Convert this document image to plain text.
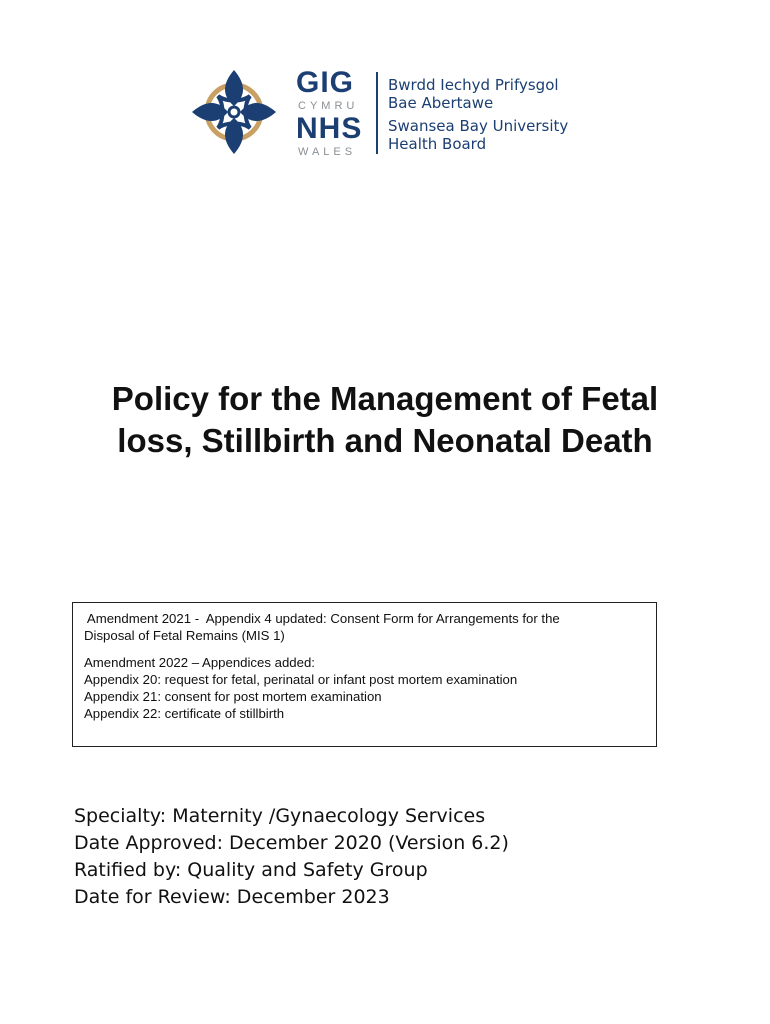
GIG
CYMRU
NHS
WALES
Bwrdd Iechyd Prifysgol
Bae Abertawe
Swansea Bay University
Health Board
Policy for the Management of Fetal
loss, Stillbirth and Neonatal Death

Amendment 2021 -  Appendix 4 updated: Consent Form for Arrangements for the

Disposal of Fetal Remains (MIS 1)

Amendment 2022 – Appendices added:

Appendix 20: request for fetal, perinatal or infant post mortem examination

Appendix 21: consent for post mortem examination

Appendix 22: certificate of stillbirth

Specialty: Maternity /Gynaecology Services
Date Approved: December 2020 (Version 6.2)
Ratified by: Quality and Safety Group
Date for Review: December 2023
